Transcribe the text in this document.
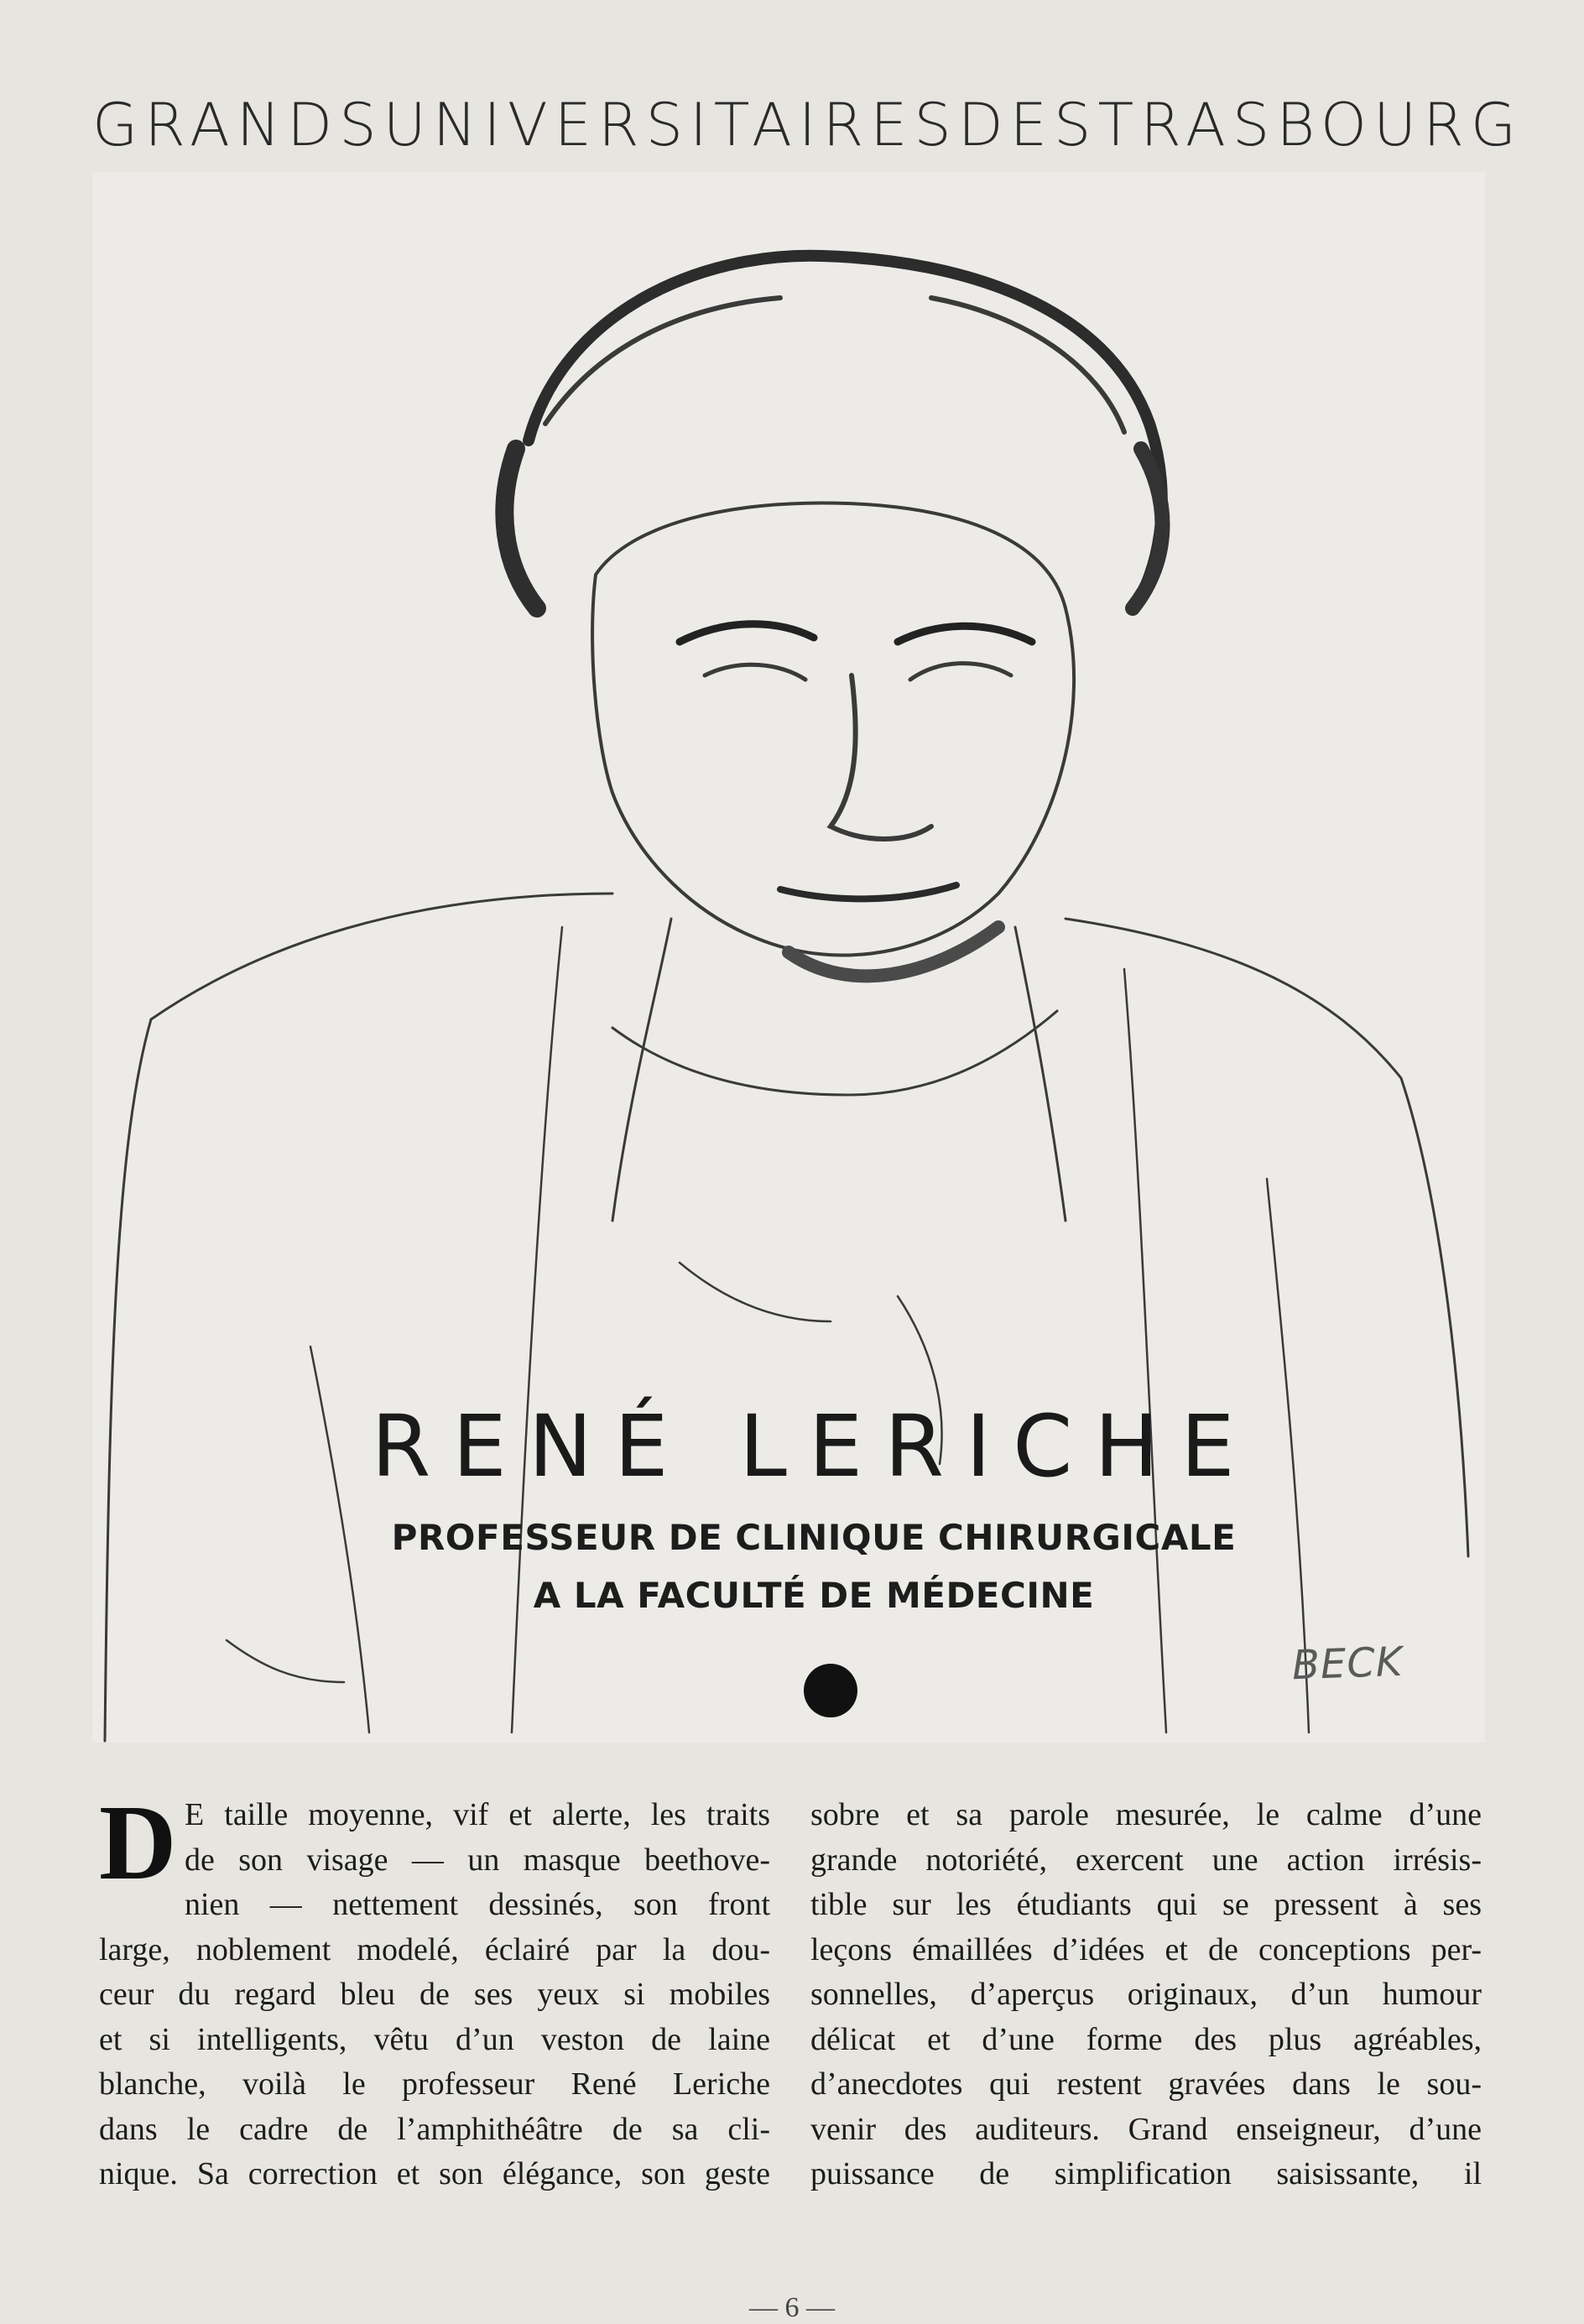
GRANDS UNIVERSITAIRES DE STRASBOURG
RENÉ LERICHE
PROFESSEUR DE CLINIQUE CHIRURGICALE
A LA FACULTÉ DE MÉDECINE
BECK
D E taille moyenne, vif et alerte, les traits
de son visage — un masque beethove-
nien — nettement dessinés, son front
large, noblement modelé, éclairé par la dou-
ceur du regard bleu de ses yeux si mobiles
et si intelligents, vêtu d’un veston de laine
blanche, voilà le professeur René Leriche
dans le cadre de l’amphithéâtre de sa cli-
nique. Sa correction et son élégance, son geste
sobre et sa parole mesurée, le calme d’une
grande notoriété, exercent une action irrésis-
tible sur les étudiants qui se pressent à ses
leçons émaillées d’idées et de conceptions per-
sonnelles, d’aperçus originaux, d’un humour
délicat et d’une forme des plus agréables,
d’anecdotes qui restent gravées dans le sou-
venir des auditeurs. Grand enseigneur, d’une
puissance de simplification saisissante, il
— 6 —
